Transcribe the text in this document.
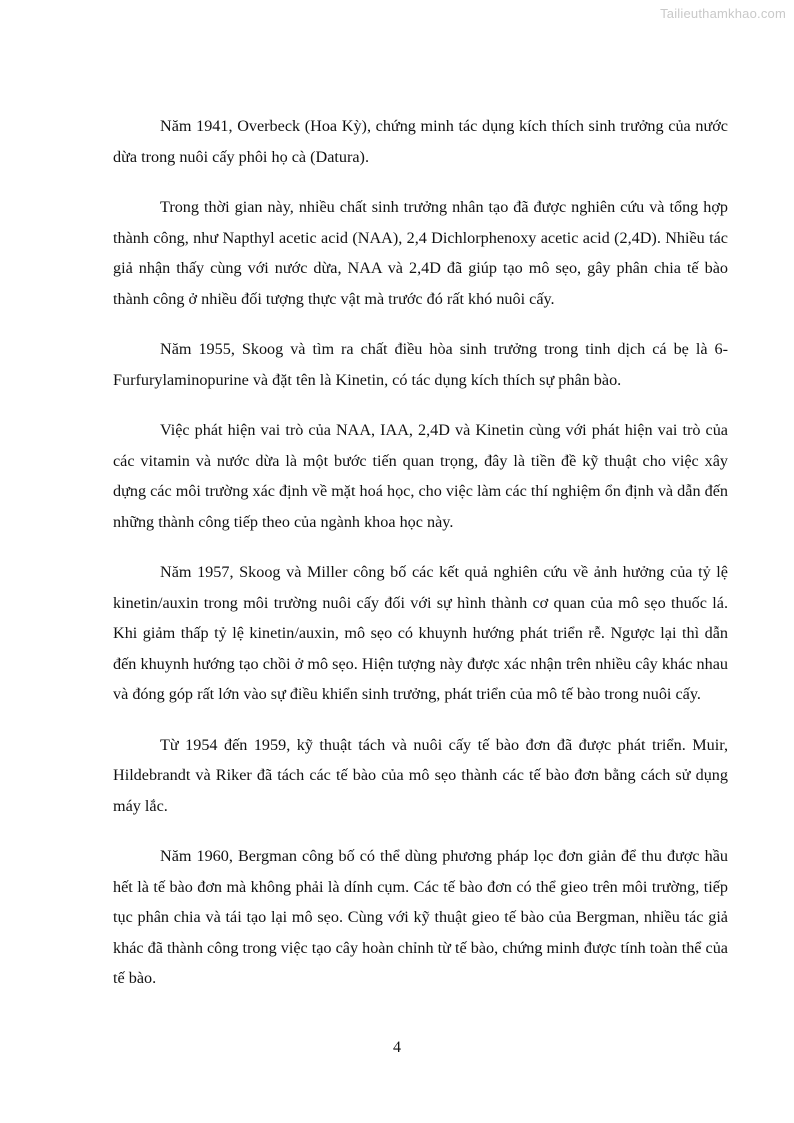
Tailieuthamkhao.com

Năm 1941, Overbeck (Hoa Kỳ), chứng minh tác dụng kích thích sinh trưởng của nước dừa trong nuôi cấy phôi họ cà (Datura).

Trong thời gian này, nhiều chất sinh trưởng nhân tạo đã được nghiên cứu và tổng hợp thành công, như Napthyl acetic acid (NAA), 2,4 Dichlorphenoxy acetic acid (2,4D). Nhiều tác giả nhận thấy cùng với nước dừa, NAA và 2,4D đã giúp tạo mô sẹo, gây phân chia tế bào thành công ở nhiều đối tượng thực vật mà trước đó rất khó nuôi cấy.

Năm 1955, Skoog và tìm ra chất điều hòa sinh trưởng trong tinh dịch cá bẹ là 6-Furfurylaminopurine và đặt tên là Kinetin, có tác dụng kích thích sự phân bào.

Việc phát hiện vai trò của NAA, IAA, 2,4D và Kinetin cùng với phát hiện vai trò của các vitamin và nước dừa là một bước tiến quan trọng, đây là tiền đề kỹ thuật cho việc xây dựng các môi trường xác định về mặt hoá học, cho việc làm các thí nghiệm ổn định và dẫn đến những thành công tiếp theo của ngành khoa học này.

Năm 1957, Skoog và Miller công bố các kết quả nghiên cứu về ảnh hưởng của tỷ lệ kinetin/auxin trong môi trường nuôi cấy đối với sự hình thành cơ quan của mô sẹo thuốc lá. Khi giảm thấp tỷ lệ kinetin/auxin, mô sẹo có khuynh hướng phát triển rễ. Ngược lại thì dẫn đến khuynh hướng tạo chồi ở mô sẹo. Hiện tượng này được xác nhận trên nhiều cây khác nhau và đóng góp rất lớn vào sự điều khiển sinh trưởng, phát triển của mô tế bào trong nuôi cấy.

Từ 1954 đến 1959, kỹ thuật tách và nuôi cấy tế bào đơn đã được phát triển. Muir, Hildebrandt và Riker đã tách các tế bào của mô sẹo thành các tế bào đơn bằng cách sử dụng máy lắc.

Năm 1960, Bergman công bố có thể dùng phương pháp lọc đơn giản để thu được hầu hết là tế bào đơn mà không phải là dính cụm. Các tế bào đơn có thể gieo trên môi trường, tiếp tục phân chia và tái tạo lại mô sẹo. Cùng với kỹ thuật gieo tế bào của Bergman, nhiều tác giả khác đã thành công trong việc tạo cây hoàn chỉnh từ tế bào, chứng minh được tính toàn thể của tế bào.

4
